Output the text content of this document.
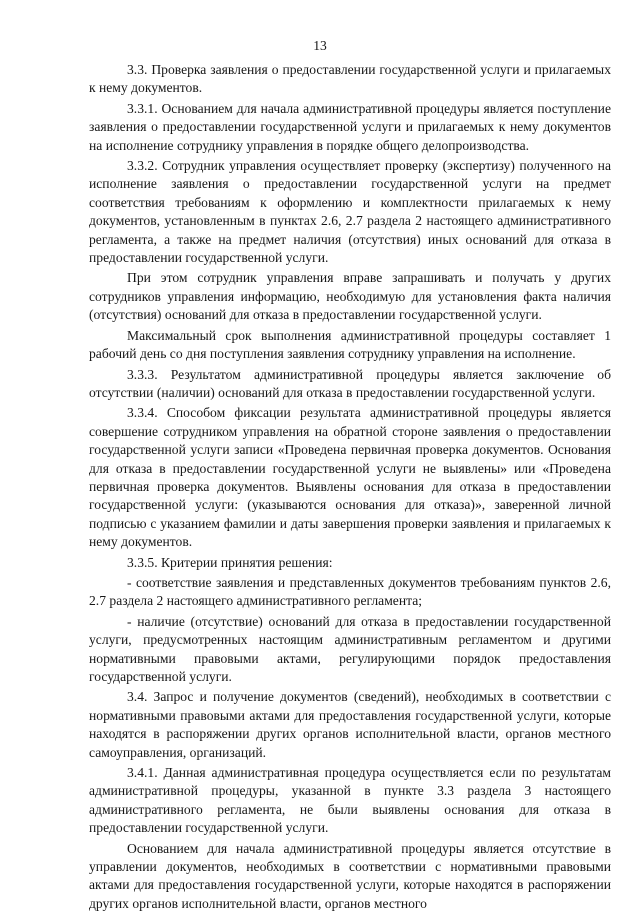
13

3.3. Проверка заявления о предоставлении государственной услуги и прилагаемых к нему документов.

3.3.1. Основанием для начала административной процедуры является поступление заявления о предоставлении государственной услуги и прилагаемых к нему документов на исполнение сотруднику управления в порядке общего делопроизводства.

3.3.2. Сотрудник управления осуществляет проверку (экспертизу) полученного на исполнение заявления о предоставлении государственной услуги на предмет соответствия требованиям к оформлению и комплектности прилагаемых к нему документов, установленным в пунктах 2.6, 2.7 раздела 2 настоящего административного регламента, а также на предмет наличия (отсутствия) иных оснований для отказа в предоставлении государственной услуги.

При этом сотрудник управления вправе запрашивать и получать у других сотрудников управления информацию, необходимую для установления факта наличия (отсутствия) оснований для отказа в предоставлении государственной услуги.

Максимальный срок выполнения административной процедуры составляет 1 рабочий день со дня поступления заявления сотруднику управления на исполнение.

3.3.3. Результатом административной процедуры является заключение об отсутствии (наличии) оснований для отказа в предоставлении государственной услуги.

3.3.4. Способом фиксации результата административной процедуры является совершение сотрудником управления на обратной стороне заявления о предоставлении государственной услуги записи «Проведена первичная проверка документов. Основания для отказа в предоставлении государственной услуги не выявлены» или «Проведена первичная проверка документов. Выявлены основания для отказа в предоставлении государственной услуги: (указываются основания для отказа)», заверенной личной подписью с указанием фамилии и даты завершения проверки заявления и прилагаемых к нему документов.

3.3.5. Критерии принятия решения:

- соответствие заявления и представленных документов требованиям пунктов 2.6, 2.7 раздела 2 настоящего административного регламента;

- наличие (отсутствие) оснований для отказа в предоставлении государственной услуги, предусмотренных настоящим административным регламентом и другими нормативными правовыми актами, регулирующими порядок предоставления государственной услуги.

3.4. Запрос и получение документов (сведений), необходимых в соответствии с нормативными правовыми актами для предоставления государственной услуги, которые находятся в распоряжении других органов исполнительной власти, органов местного самоуправления, организаций.

3.4.1. Данная административная процедура осуществляется если по результатам административной процедуры, указанной в пункте 3.3 раздела 3 настоящего административного регламента, не были выявлены основания для отказа в предоставлении государственной услуги.

Основанием для начала административной процедуры является отсутствие в управлении документов, необходимых в соответствии с нормативными правовыми актами для предоставления государственной услуги, которые находятся в распоряжении других органов исполнительной власти, органов местного
